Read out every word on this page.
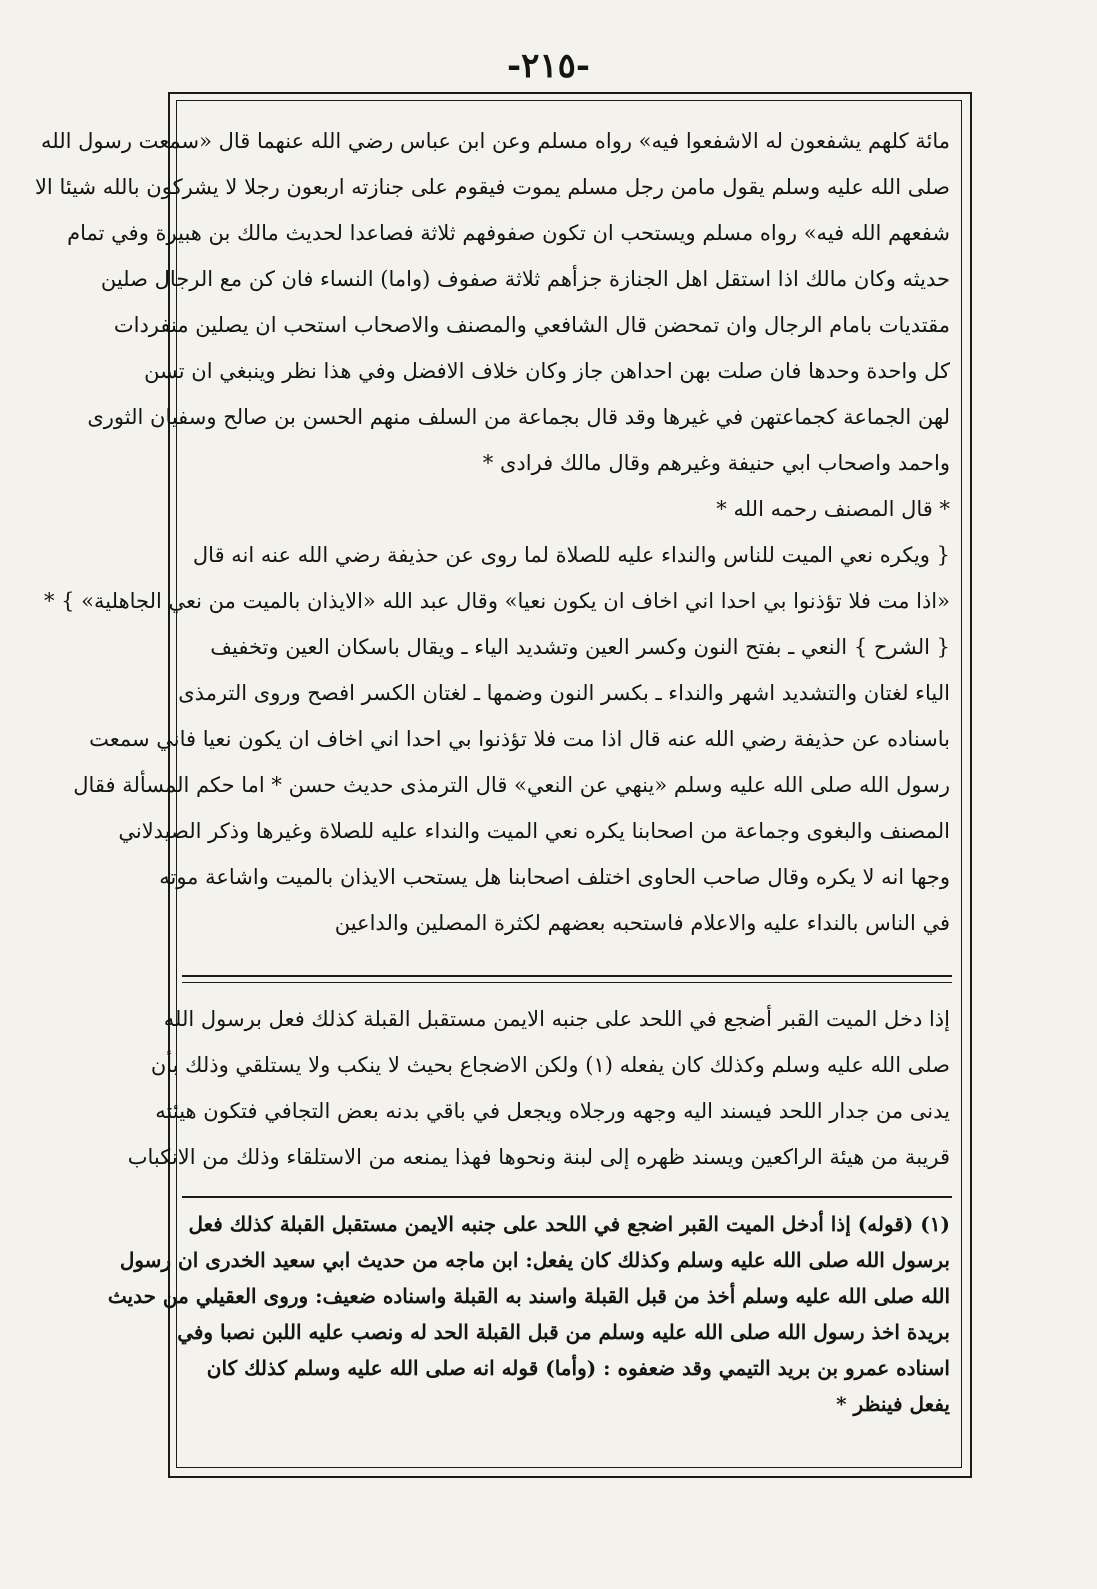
-٢١٥-

مائة كلهم يشفعون له الاشفعوا فيه» رواه مسلم وعن ابن عباس رضي الله عنهما قال «سمعت رسول الله

صلى الله عليه وسلم يقول مامن رجل مسلم يموت فيقوم على جنازته اربعون رجلا لا يشركون بالله شيئا الا

شفعهم الله فيه» رواه مسلم ويستحب ان تكون صفوفهم ثلاثة فصاعدا لحديث مالك بن هبيرة وفي تمام

حديثه وكان مالك اذا استقل اهل الجنازة جزأهم ثلاثة صفوف (واما) النساء فان كن مع الرجال صلين

مقتديات بامام الرجال وان تمحضن قال الشافعي والمصنف والاصحاب استحب ان يصلين منفردات

كل واحدة وحدها فان صلت بهن احداهن جاز وكان خلاف الافضل وفي هذا نظر وينبغي ان تسن

لهن الجماعة كجماعتهن في غيرها وقد قال بجماعة من السلف منهم الحسن بن صالح وسفيان الثورى

واحمد واصحاب ابي حنيفة وغيرهم وقال مالك فرادى *

* قال المصنف رحمه الله *

{ ويكره نعي الميت للناس والنداء عليه للصلاة لما روى عن حذيفة رضي الله عنه انه قال

«اذا مت فلا تؤذنوا بي احدا اني اخاف ان يكون نعيا» وقال عبد الله «الايذان بالميت من نعي الجاهلية» } *

{ الشرح } النعي ـ بفتح النون وكسر العين وتشديد الياء ـ ويقال باسكان العين وتخفيف

الياء لغتان والتشديد اشهر والنداء ـ بكسر النون وضمها ـ لغتان الكسر افصح وروى الترمذى

باسناده عن حذيفة رضي الله عنه قال اذا مت فلا تؤذنوا بي احدا اني اخاف ان يكون نعيا فاني سمعت

رسول الله صلى الله عليه وسلم «ينهي عن النعي» قال الترمذى حديث حسن * اما حكم المسألة فقال

المصنف والبغوى وجماعة من اصحابنا يكره نعي الميت والنداء عليه للصلاة وغيرها وذكر الصيدلاني

وجها انه لا يكره وقال صاحب الحاوى اختلف اصحابنا هل يستحب الايذان بالميت واشاعة موته

في الناس بالنداء عليه والاعلام فاستحبه بعضهم لكثرة المصلين والداعين

إذا دخل الميت القبر أضجع في اللحد على جنبه الايمن مستقبل القبلة كذلك فعل برسول الله

صلى الله عليه وسلم وكذلك كان يفعله (١) ولكن الاضجاع بحيث لا ينكب ولا يستلقي وذلك بأن

يدنى من جدار اللحد فيسند اليه وجهه ورجلاه ويجعل في باقي بدنه بعض التجافي فتكون هيئته

قريبة من هيئة الراكعين ويسند ظهره إلى لبنة ونحوها فهذا يمنعه من الاستلقاء وذلك من الانكباب

(١) (قوله) إذا أدخل الميت القبر اضجع في اللحد على جنبه الايمن مستقبل القبلة كذلك فعل

برسول الله صلى الله عليه وسلم وكذلك كان يفعل: ابن ماجه من حديث ابي سعيد الخدرى ان رسول

الله صلى الله عليه وسلم أخذ من قبل القبلة واسند به القبلة واسناده ضعيف: وروى العقيلي من حديث

بريدة اخذ رسول الله صلى الله عليه وسلم من قبل القبلة الحد له ونصب عليه اللبن نصبا وفي

اسناده عمرو بن بريد التيمي وقد ضعفوه : (وأما) قوله انه صلى الله عليه وسلم كذلك كان

يفعل فينظر *
